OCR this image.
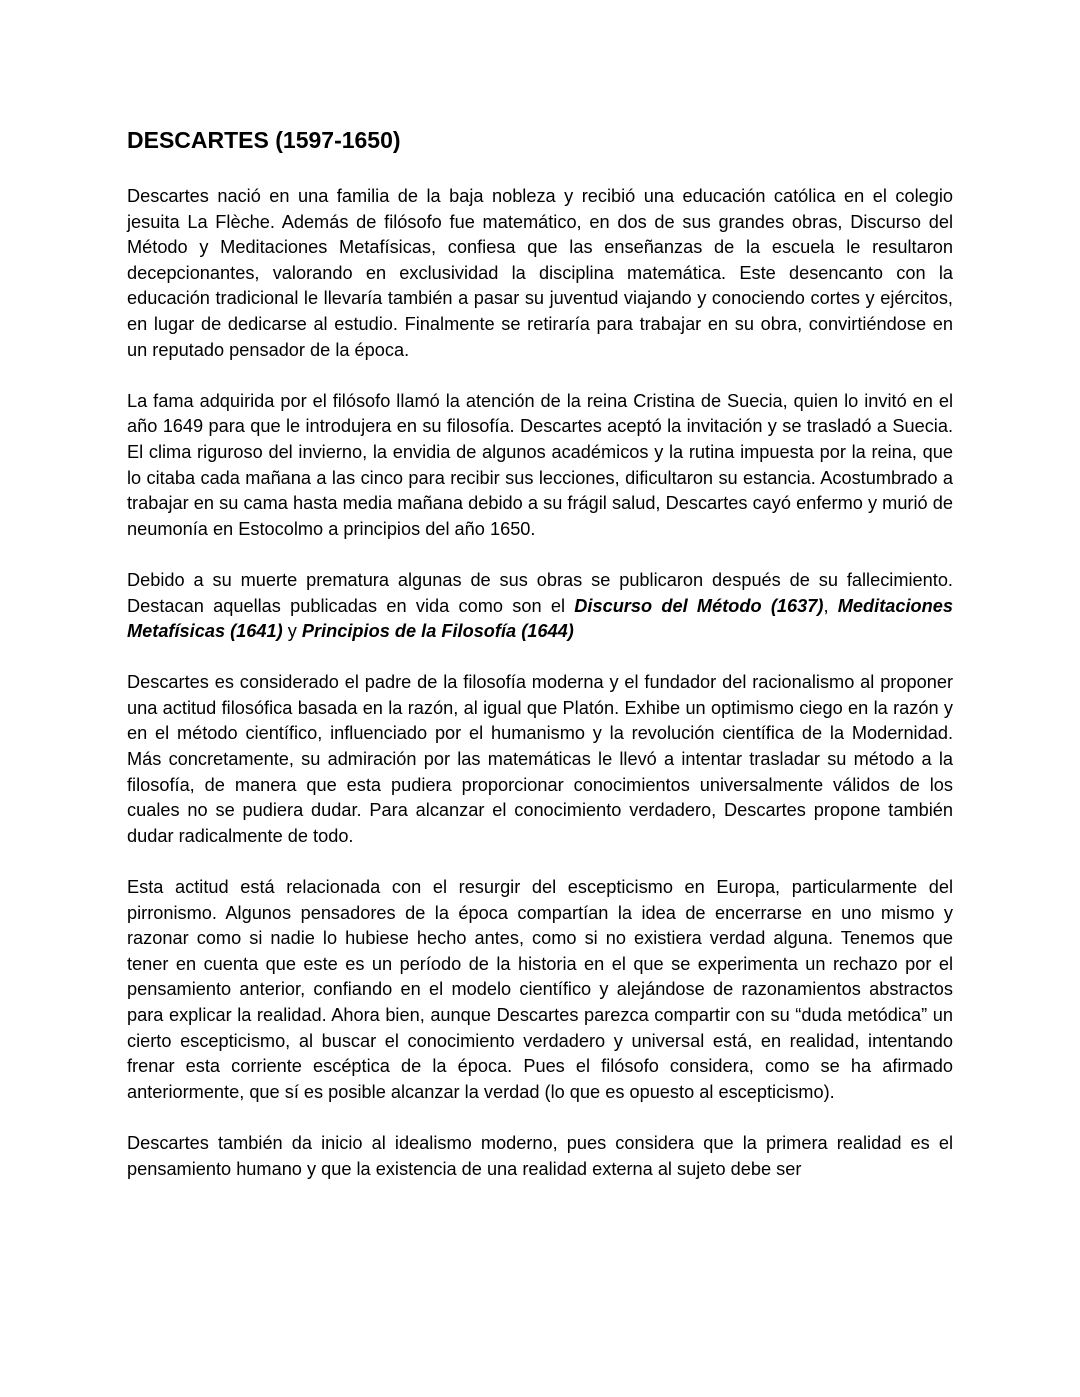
DESCARTES (1597-1650)

Descartes nació en una familia de la baja nobleza y recibió una educación católica en el colegio jesuita La Flèche. Además de filósofo fue matemático, en dos de sus grandes obras, Discurso del Método y Meditaciones Metafísicas, confiesa que las enseñanzas de la escuela le resultaron decepcionantes, valorando en exclusividad la disciplina matemática. Este desencanto con la educación tradicional le llevaría también a pasar su juventud viajando y conociendo cortes y ejércitos, en lugar de dedicarse al estudio. Finalmente se retiraría para trabajar en su obra, convirtiéndose en un reputado pensador de la época.

La fama adquirida por el filósofo llamó la atención de la reina Cristina de Suecia, quien lo invitó en el año 1649 para que le introdujera en su filosofía. Descartes aceptó la invitación y se trasladó a Suecia. El clima riguroso del invierno, la envidia de algunos académicos y la rutina impuesta por la reina, que lo citaba cada mañana a las cinco para recibir sus lecciones, dificultaron su estancia. Acostumbrado a trabajar en su cama hasta media mañana debido a su frágil salud, Descartes cayó enfermo y murió de neumonía en Estocolmo a principios del año 1650.

Debido a su muerte prematura algunas de sus obras se publicaron después de su fallecimiento. Destacan aquellas publicadas en vida como son el Discurso del Método (1637), Meditaciones Metafísicas (1641) y Principios de la Filosofía (1644)

Descartes es considerado el padre de la filosofía moderna y el fundador del racionalismo al proponer una actitud filosófica basada en la razón, al igual que Platón. Exhibe un optimismo ciego en la razón y en el método científico, influenciado por el humanismo y la revolución científica de la Modernidad. Más concretamente, su admiración por las matemáticas le llevó a intentar trasladar su método a la filosofía, de manera que esta pudiera proporcionar conocimientos universalmente válidos de los cuales no se pudiera dudar. Para alcanzar el conocimiento verdadero, Descartes propone también dudar radicalmente de todo.

Esta actitud está relacionada con el resurgir del escepticismo en Europa, particularmente del pirronismo. Algunos pensadores de la época compartían la idea de encerrarse en uno mismo y razonar como si nadie lo hubiese hecho antes, como si no existiera verdad alguna. Tenemos que tener en cuenta que este es un período de la historia en el que se experimenta un rechazo por el pensamiento anterior, confiando en el modelo científico y alejándose de razonamientos abstractos para explicar la realidad. Ahora bien, aunque Descartes parezca compartir con su “duda metódica” un cierto escepticismo, al buscar el conocimiento verdadero y universal está, en realidad, intentando frenar esta corriente escéptica de la época. Pues el filósofo considera, como se ha afirmado anteriormente, que sí es posible alcanzar la verdad (lo que es opuesto al escepticismo).

Descartes también da inicio al idealismo moderno, pues considera que la primera realidad es el pensamiento humano y que la existencia de una realidad externa al sujeto debe ser
